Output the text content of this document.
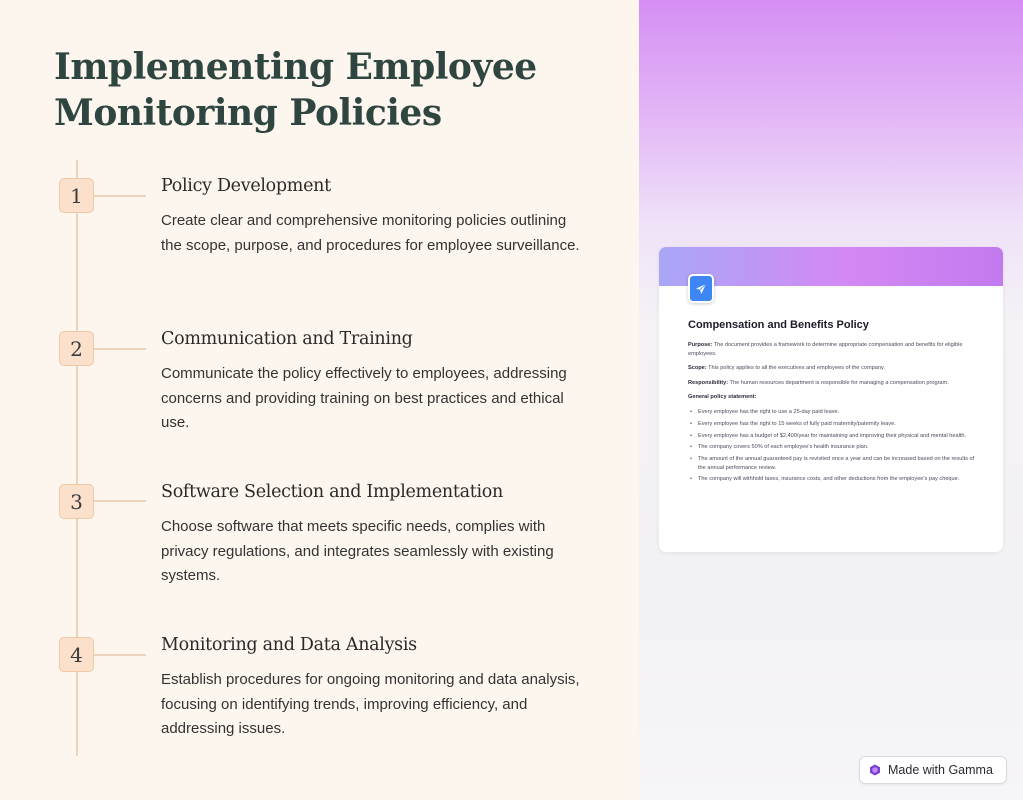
Implementing Employee Monitoring Policies
1	Policy Development
Create clear and comprehensive monitoring policies outlining the scope, purpose, and procedures for employee surveillance.
2	Communication and Training
Communicate the policy effectively to employees, addressing concerns and providing training on best practices and ethical use.
3	Software Selection and Implementation
Choose software that meets specific needs, complies with privacy regulations, and integrates seamlessly with existing systems.
4	Monitoring and Data Analysis
Establish procedures for ongoing monitoring and data analysis, focusing on identifying trends, improving efficiency, and addressing issues.
Compensation and Benefits Policy

Purpose: The document provides a framework to determine appropriate compensation and benefits for eligible employees.

Scope: This policy applies to all the executives and employees of the company.

Responsibility: The human resources department is responsible for managing a compensation program.

General policy statement:

• Every employee has the right to use a 25-day paid leave.
• Every employee has the right to 15 weeks of fully paid maternity/paternity leave.
• Every employee has a budget of $2,400/year for maintaining and improving their physical and mental health.
• The company covers 50% of each employee's health insurance plan.
• The amount of the annual guaranteed pay is revisited once a year and can be increased based on the results of the annual performance review.
• The company will withhold taxes, insurance costs, and other deductions from the employee's pay cheque.
Made with Gamma
